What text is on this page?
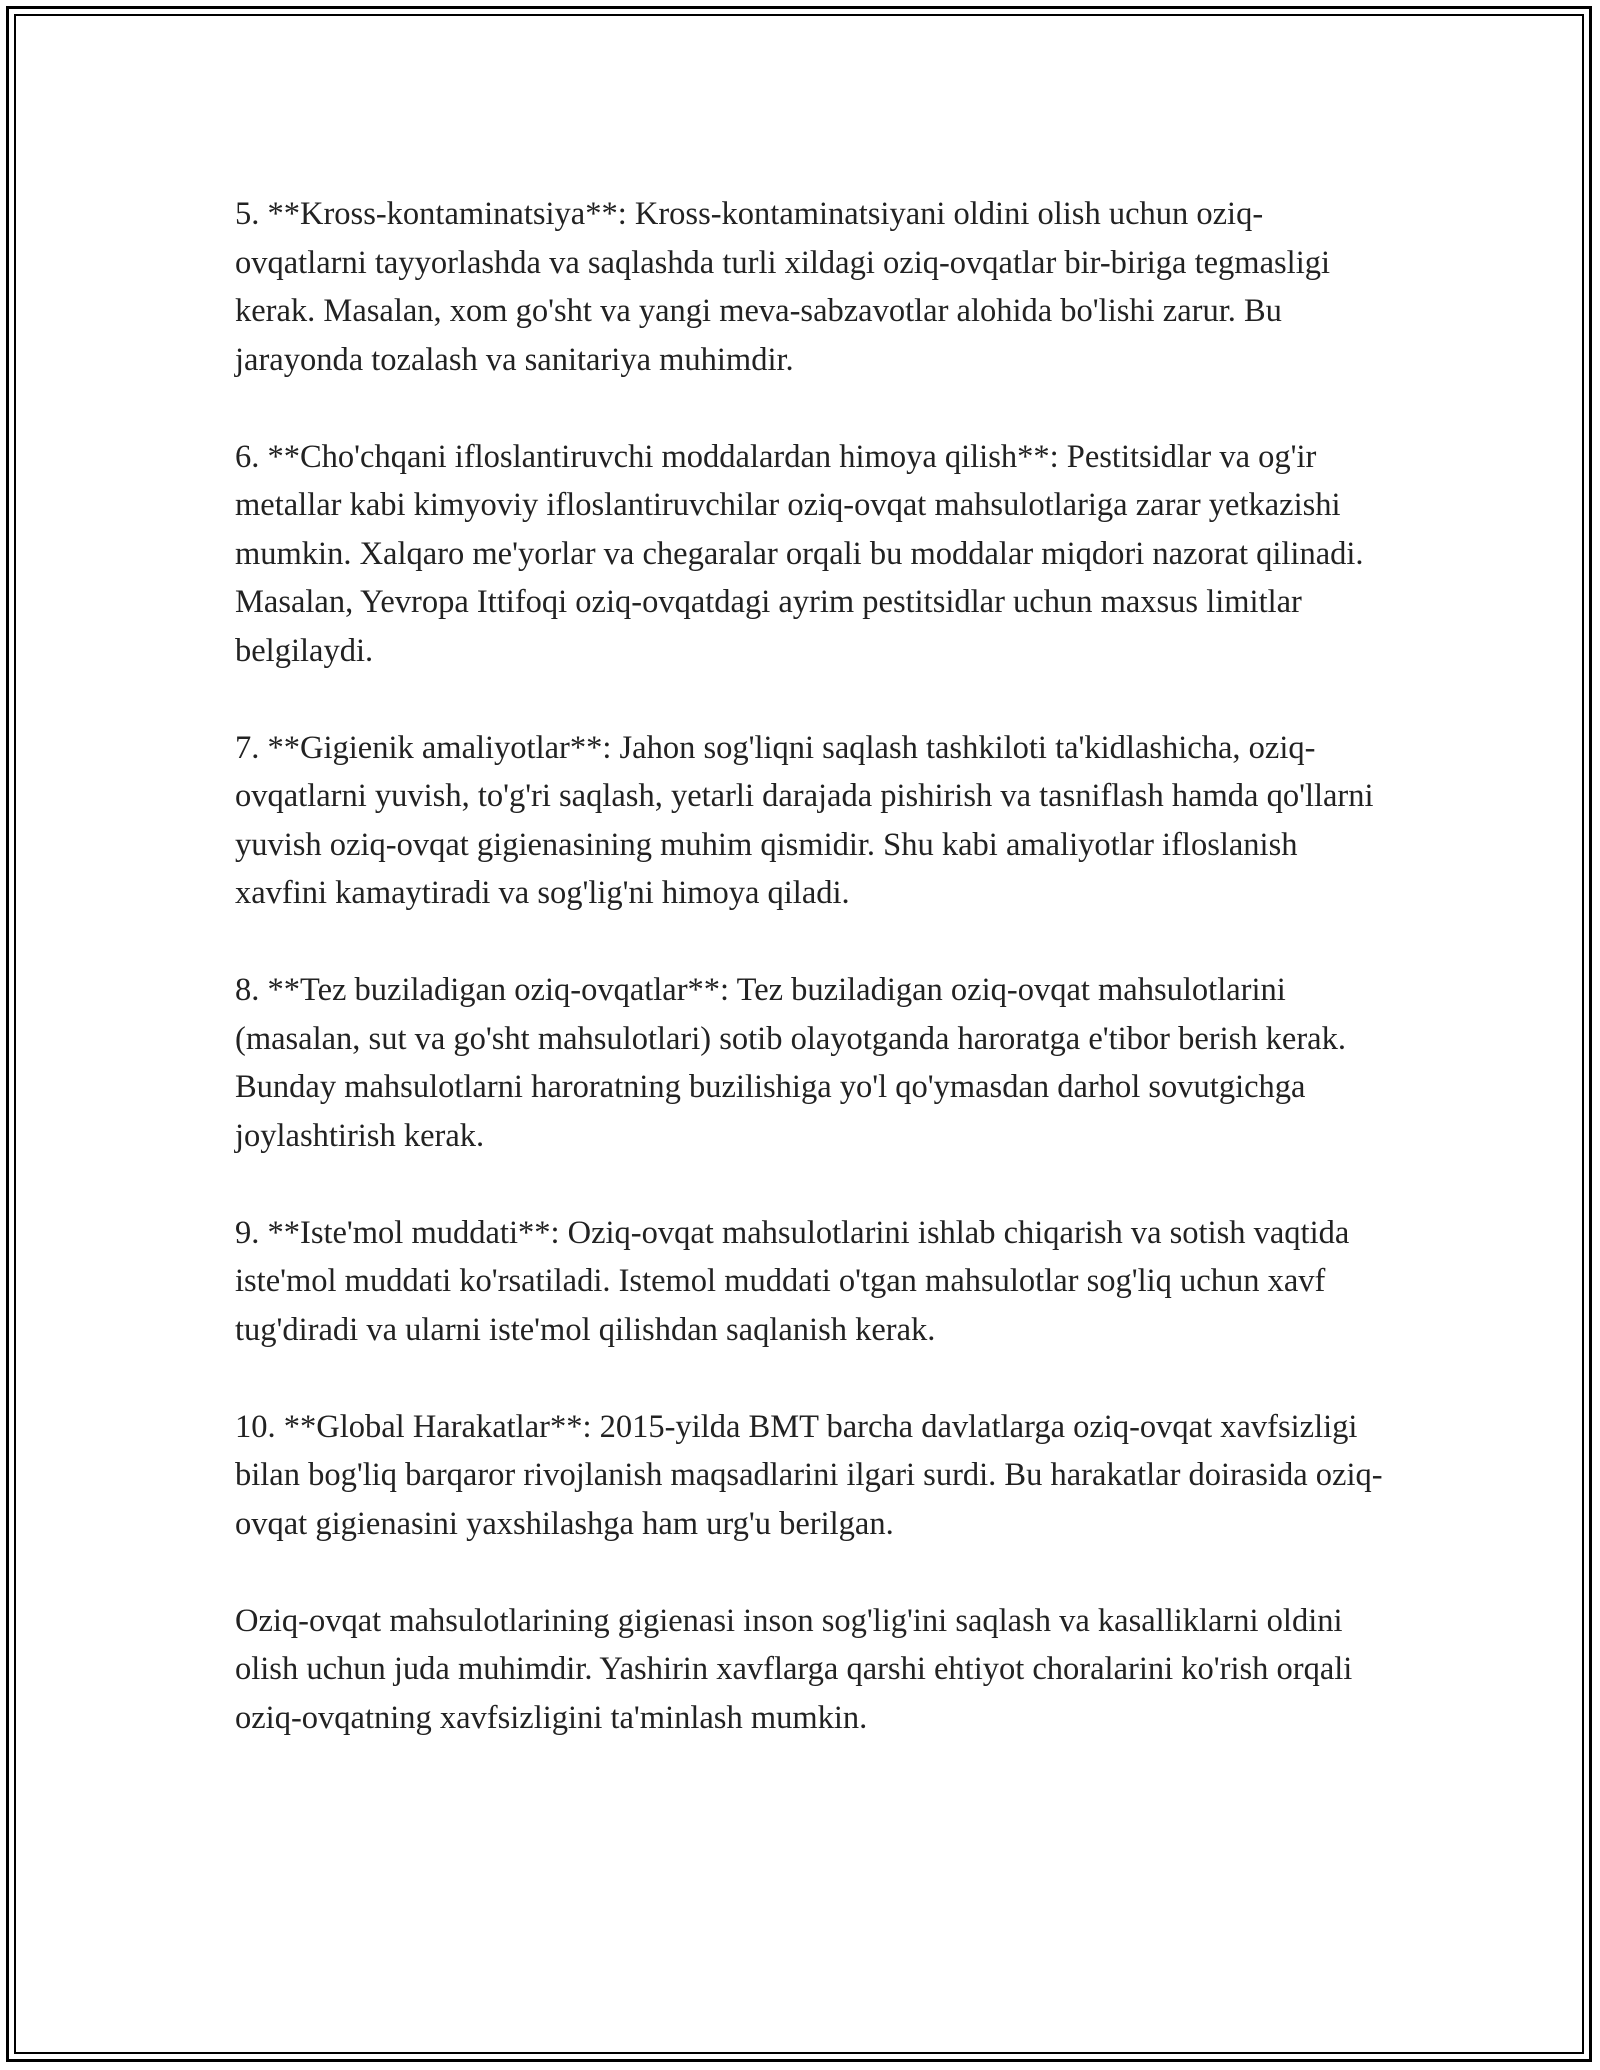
5. **Kross-kontaminatsiya**: Kross-kontaminatsiyani oldini olish uchun oziq-ovqatlarni tayyorlashda va saqlashda turli xildagi oziq-ovqatlar bir-biriga tegmasligi kerak. Masalan, xom go'sht va yangi meva-sabzavotlar alohida bo'lishi zarur. Bu jarayonda tozalash va sanitariya muhimdir.

6. **Cho'chqani ifloslantiruvchi moddalardan himoya qilish**: Pestitsidlar va og'ir metallar kabi kimyoviy ifloslantiruvchilar oziq-ovqat mahsulotlariga zarar yetkazishi mumkin. Xalqaro me'yorlar va chegaralar orqali bu moddalar miqdori nazorat qilinadi. Masalan, Yevropa Ittifoqi oziq-ovqatdagi ayrim pestitsidlar uchun maxsus limitlar belgilaydi.

7. **Gigienik amaliyotlar**: Jahon sog'liqni saqlash tashkiloti ta'kidlashicha, oziq-ovqatlarni yuvish, to'g'ri saqlash, yetarli darajada pishirish va tasniflash hamda qo'llarni yuvish oziq-ovqat gigienasining muhim qismidir. Shu kabi amaliyotlar ifloslanish xavfini kamaytiradi va sog'lig'ni himoya qiladi.

8. **Tez buziladigan oziq-ovqatlar**: Tez buziladigan oziq-ovqat mahsulotlarini (masalan, sut va go'sht mahsulotlari) sotib olayotganda haroratga e'tibor berish kerak. Bunday mahsulotlarni haroratning buzilishiga yo'l qo'ymasdan darhol sovutgichga joylashtirish kerak.

9. **Iste'mol muddati**: Oziq-ovqat mahsulotlarini ishlab chiqarish va sotish vaqtida iste'mol muddati ko'rsatiladi. Istemol muddati o'tgan mahsulotlar sog'liq uchun xavf tug'diradi va ularni iste'mol qilishdan saqlanish kerak.

10. **Global Harakatlar**: 2015-yilda BMT barcha davlatlarga oziq-ovqat xavfsizligi bilan bog'liq barqaror rivojlanish maqsadlarini ilgari surdi. Bu harakatlar doirasida oziq-ovqat gigienasini yaxshilashga ham urg'u berilgan.

Oziq-ovqat mahsulotlarining gigienasi inson sog'lig'ini saqlash va kasalliklarni oldini olish uchun juda muhimdir. Yashirin xavflarga qarshi ehtiyot choralarini ko'rish orqali oziq-ovqatning xavfsizligini ta'minlash mumkin.
